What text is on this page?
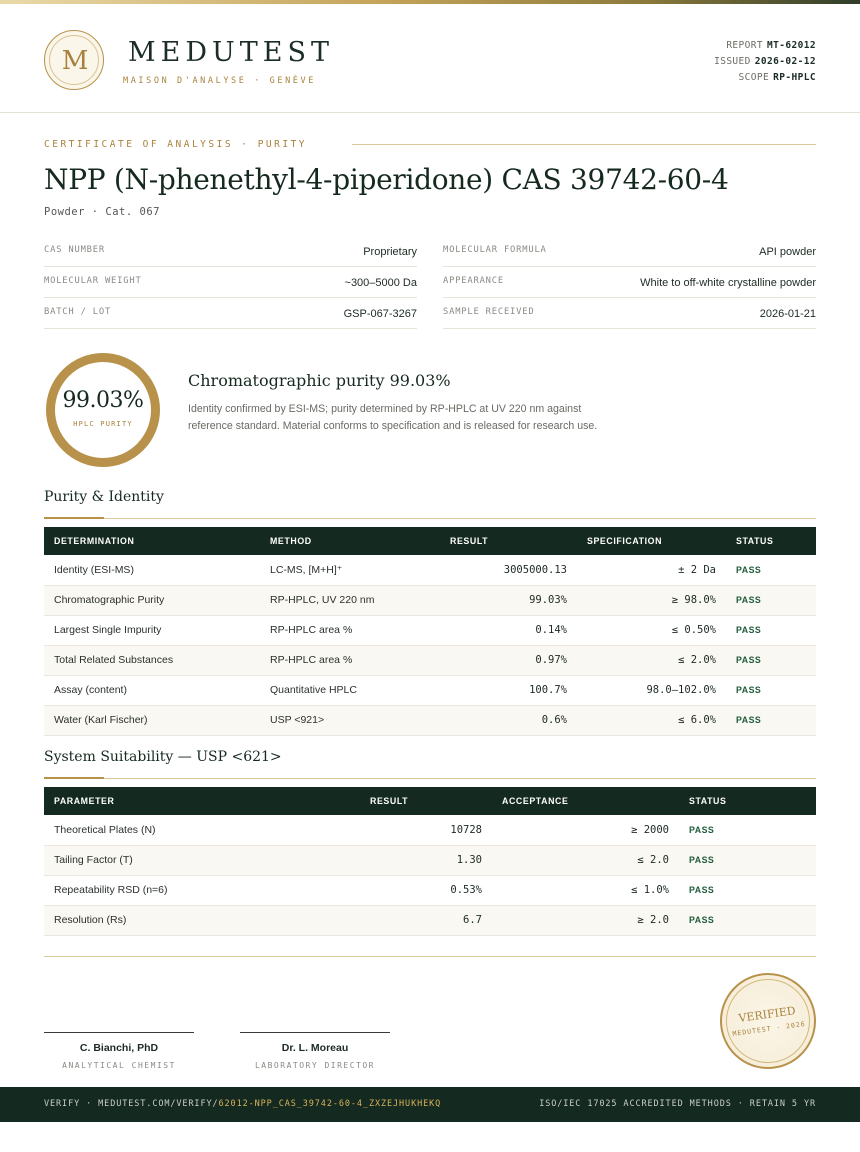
M	MEDUTEST
MAISON D'ANALYSE · GENÈVE
REPORT MT-62012
ISSUED 2026-02-12
SCOPE RP-HPLC
CERTIFICATE OF ANALYSIS · PURITY
NPP (N-phenethyl-4-piperidone) CAS 39742-60-4
Powder · Cat. 067
CAS NUMBER	Proprietary	MOLECULAR FORMULA	API powder
MOLECULAR WEIGHT	~300–5000 Da	APPEARANCE	White to off-white crystalline powder
BATCH / LOT	GSP-067-3267	SAMPLE RECEIVED	2026-01-21
99.03%
HPLC PURITY
Chromatographic purity 99.03%
Identity confirmed by ESI-MS; purity determined by RP-HPLC at UV 220 nm against reference standard. Material conforms to specification and is released for research use.
Purity & Identity
DETERMINATION	METHOD	RESULT	SPECIFICATION	STATUS
Identity (ESI-MS)	LC-MS, [M+H]⁺	3005000.13	± 2 Da	PASS
Chromatographic Purity	RP-HPLC, UV 220 nm	99.03%	≥ 98.0%	PASS
Largest Single Impurity	RP-HPLC area %	0.14%	≤ 0.50%	PASS
Total Related Substances	RP-HPLC area %	0.97%	≤ 2.0%	PASS
Assay (content)	Quantitative HPLC	100.7%	98.0–102.0%	PASS
Water (Karl Fischer)	USP <921>	0.6%	≤ 6.0%	PASS
System Suitability — USP <621>
PARAMETER	RESULT	ACCEPTANCE	STATUS
Theoretical Plates (N)	10728	≥ 2000	PASS
Tailing Factor (T)	1.30	≤ 2.0	PASS
Repeatability RSD (n=6)	0.53%	≤ 1.0%	PASS
Resolution (Rs)	6.7	≥ 2.0	PASS
C. Bianchi, PhD
ANALYTICAL CHEMIST
Dr. L. Moreau
LABORATORY DIRECTOR
VERIFIED
MEDUTEST · 2026
VERIFY · MEDUTEST.COM/VERIFY/62012-NPP_CAS_39742-60-4_ZXZEJHUKHEKQ	ISO/IEC 17025 ACCREDITED METHODS · RETAIN 5 YR
